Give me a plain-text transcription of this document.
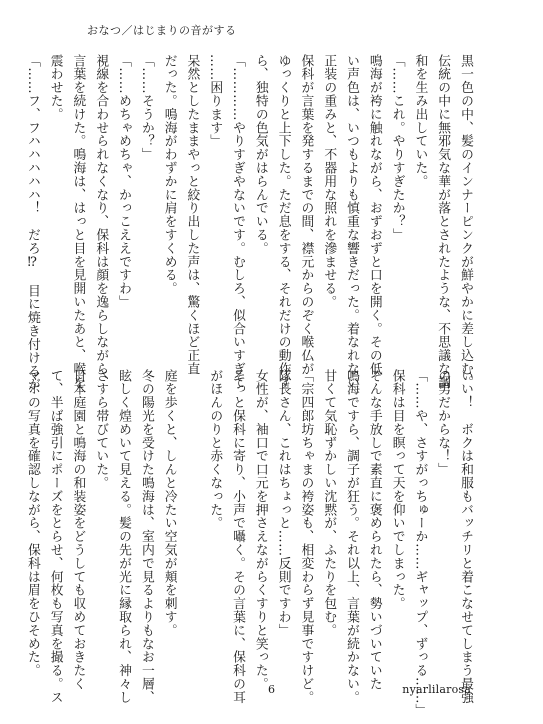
おなつ／はじまりの音がする
黒一色の中、髪のインナーピンクが鮮やかに差し込む。
伝統の中に無邪気な華が落とされたような、不思議な調
和を生み出していた。
「……これ。やりすぎたか？」
鳴海が袴に触れながら、おずおずと口を開く。その低
い声色は、いつもよりも慎重な響きだった。着なれない
正装の重みと、不器用な照れを滲ませる。
保科が言葉を発するまでの間、襟元からのぞく喉仏が
ゆっくりと上下した。ただ息をする、それだけの動作す
ら、独特の色気がはらんでいる。
「…………やりすぎやないです。むしろ、似合いすぎて
……困ります」
呆然としたままやっと絞り出した声は、驚くほど正直
だった。鳴海がわずかに肩をすくめる。
「……そうか？」
「……めちゃめちゃ、かっこええですわ」
視線を合わせられなくなり、保科は顔を逸らしながら、
言葉を続けた。鳴海は、はっと目を見開いたあと、喉を
震わせた。
「……フ、フハハハハハ！　だろ⁉　目に焼き付けるが

いい！　ボクは和服もバッチリと着こなせてしまう最強
の男だからな！」
「……や、さすがっちゅーか……ギャップ、ずっる……」
保科は目を瞑って天を仰いでしまった。
そんな手放しで素直に褒められたら、勢いづいていた
鳴海ですら、調子が狂う。それ以上、言葉が続かない。
甘くて気恥ずかしい沈黙が、ふたりを包む。
「宗四郎坊ちゃまの袴姿も、相変わらず見事ですけど。
隊長さん、これはちょっと……反則ですわ」
女性が、袖口で口元を押さえながらくすりと笑った。
そっと保科に寄り、小声で囁く。その言葉に、保科の耳
がほんのりと赤くなった。

庭を歩くと、しんと冷たい空気が頬を刺す。
冬の陽光を受けた鳴海は、室内で見るよりもなお一層、
眩しく煌めいて見える。髪の先が光に縁取られ、神々し
さすら帯びていた。
日本庭園と鳴海の和装姿をどうしても収めておきたく
て、半ば強引にポーズをとらせ、何枚も写真を撮る。ス
マホの写真を確認しながら、保科は眉をひそめた。

6	nyarlilarosa
